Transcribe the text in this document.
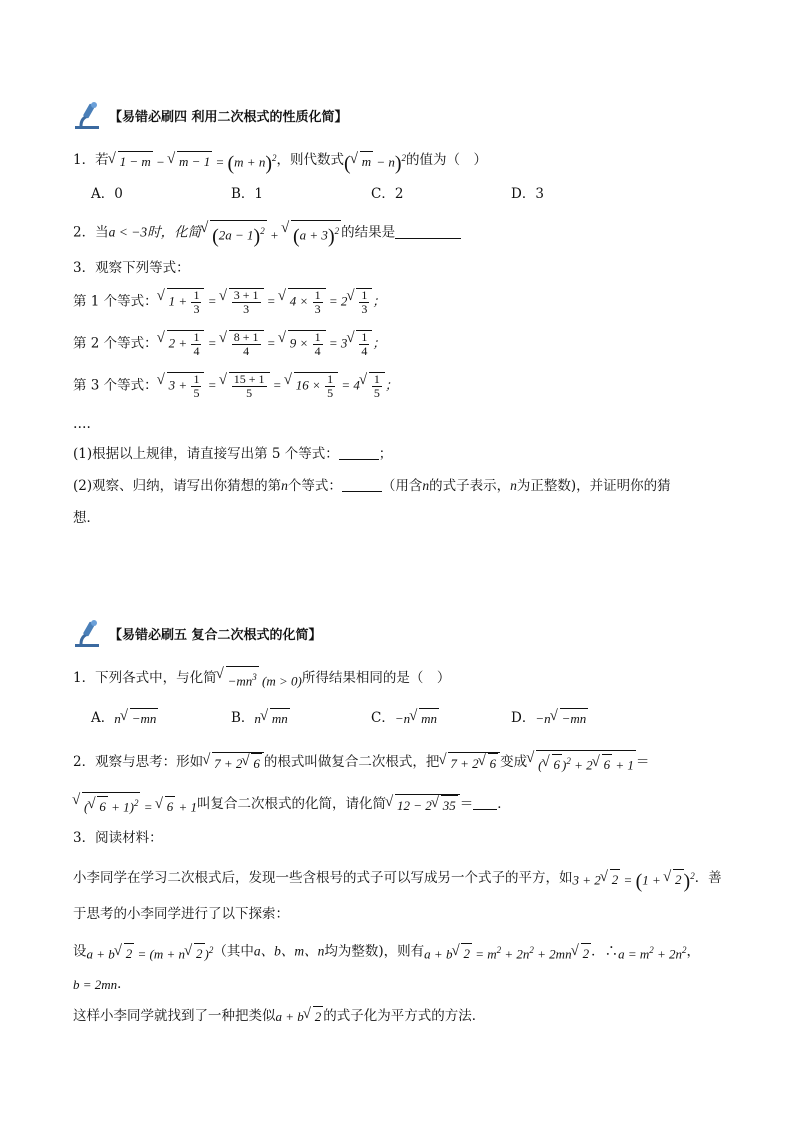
【易错必刷四 利用二次根式的性质化简】
1．若√ 1 − m − √ $m - 1 = (m + n)^2$，则代数式(√ m − n)$^2$的值为（　）
A．0	B．1	C．2	D．3
2．当a < −3时，化简√ $(2a - 1)^2$ + √ $(a + 3)^2$ 的结果是
3．观察下列等式：
第 1 个等式：√ $1 + \frac{1}{3}$ =
√ $\frac{3 + 1}{3}$ = √ $4 \times \frac{1}{3} = 2$
√ $\frac{1}{3}$ ；
第 2 个等式：√ $2 + \frac{1}{4}$ =
√ $\frac{8 + 1}{4}$ = √ $9 \times \frac{1}{4} = 3$
√ $\frac{1}{4}$ ；
第 3 个等式：√ $3 + \frac{1}{5}$ =
√ $\frac{15 + 1}{5}$ = √ $16 \times \frac{1}{5} = 4$
√ $\frac{1}{5}$ ；
….
(1)根据以上规律，请直接写出第 5 个等式：	；
(2)观察、归纳，请写出你猜想的第n个等式：	（用含n的式子表示，n为正整数)，并证明你的猜
想．
【易错必刷五 复合二次根式的化简】
1．下列各式中，与化简√ $-mn^3$ (m > 0)所得结果相同的是（　）
A．n√ −mn	B．n√ mn	C．−n√ mn	D．−n√ −mn
2．观察与思考：形如√ 7 + 2√ 6 的根式叫做复合二次根式，把√ 7 + 2√ 6 变成√ (√ 6 )$^2$ + 2√ 6 + 1 ＝
√ (√ 6 + 1)$^2$ = √ 6 + 1叫复合二次根式的化简，请化简√ 12 − 2√ 35 ＝ ．
3．阅读材料：
小李同学在学习二次根式后，发现一些含根号的式子可以写成另一个式子的平方，如3 + 2√ 2 = (1 + √ 2 )$^2$．善
于思考的小李同学进行了以下探索：
设a + b√ 2 = (m + n√ 2 )$^2$（其中a、b、m、n均为整数)，则有a + b√ $2 = m^2 + 2n^2 + 2mn√$ 2 ．∴a = $m^2 + 2n^2$，
b = 2mn．
这样小李同学就找到了一种把类似a + b√ 2 的式子化为平方式的方法．
